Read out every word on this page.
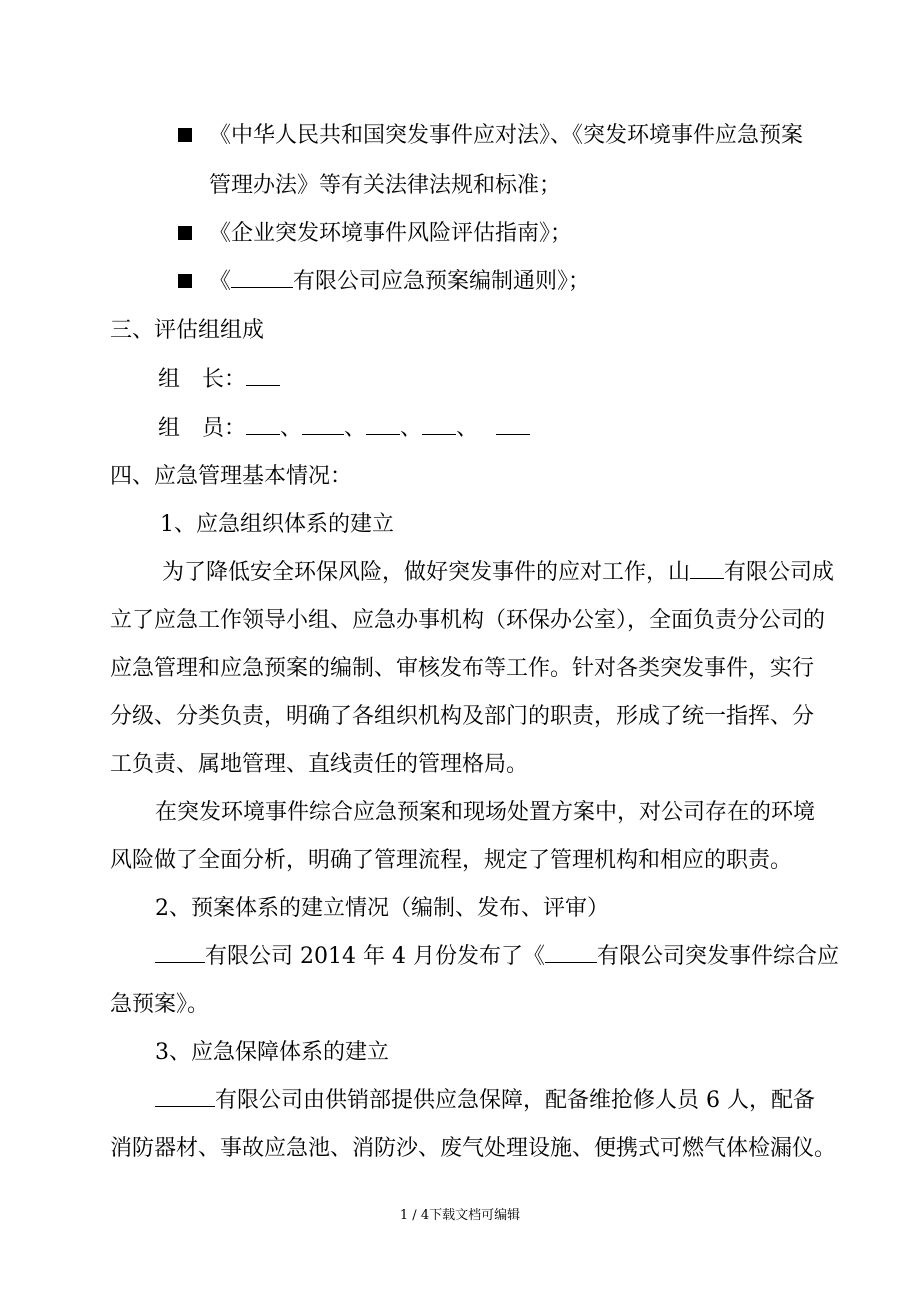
《中华人民共和国突发事件应对法》、《突发环境事件应急预案
管理办法》等有关法律法规和标准；
《企业突发环境事件风险评估指南》；
《	有限公司应急预案编制通则》；
三、评估组组成
组　长：
组　员： 、 、 、 、
四、应急管理基本情况：
1、应急组织体系的建立
为了降低安全环保风险，做好突发事件的应对工作，山 有限公司成
立了应急工作领导小组、应急办事机构（环保办公室），全面负责分公司的
应急管理和应急预案的编制、审核发布等工作。针对各类突发事件，实行
分级、分类负责，明确了各组织机构及部门的职责，形成了统一指挥、分
工负责、属地管理、直线责任的管理格局。
在突发环境事件综合应急预案和现场处置方案中，对公司存在的环境
风险做了全面分析，明确了管理流程，规定了管理机构和相应的职责。
2、预案体系的建立情况（编制、发布、评审）
有限公司 2014 年 4 月份发布了《 有限公司突发事件综合应
急预案》。
3、应急保障体系的建立
有限公司由供销部提供应急保障，配备维抢修人员 6 人，配备
消防器材、事故应急池、消防沙、废气处理设施、便携式可燃气体检漏仪。
1 / 4下载文档可编辑
